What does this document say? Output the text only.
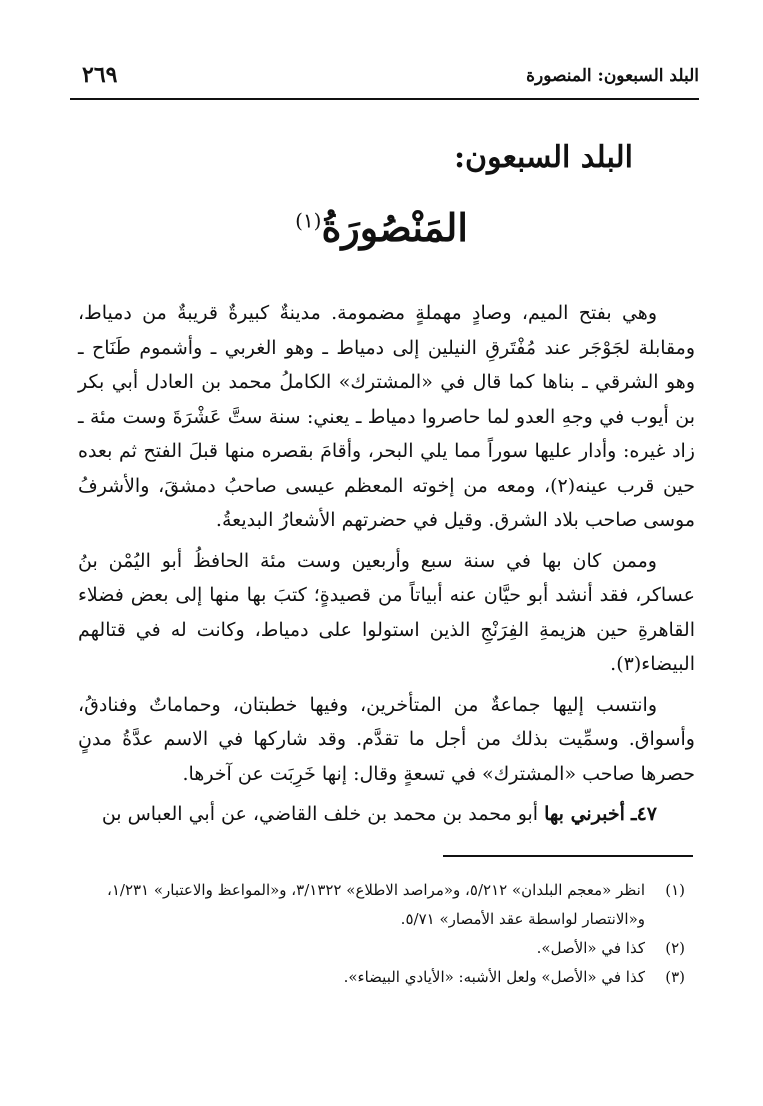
البلد السبعون: المنصورة
٢٦٩
البلد السبعون:
المَنْصُورَةُ$^{(١)}$

وهي بفتح الميم، وصادٍ مهملةٍ مضمومة. مدينةٌ كبيرةٌ قريبةٌ من دمياط، ومقابلة لجَوْجَر عند مُفْتَرقِ النيلين إلى دمياط ـ وهو الغربي ـ وأشموم طَنَاح ـ وهو الشرقي ـ بناها كما قال في «المشترك» الكاملُ محمد بن العادل أبي بكر بن أيوب في وجهِ العدو لما حاصروا دمياط ـ يعني: سنة ستَّ عَشْرَةَ وست مئة ـ زاد غيره: وأدار عليها سوراً مما يلي البحر، وأقامَ بقصره منها قبلَ الفتح ثم بعده حين قرب عينه(٢)، ومعه من إخوته المعظم عيسى صاحبُ دمشقَ، والأشرفُ موسى صاحب بلاد الشرق. وقيل في حضرتهم الأشعارُ البديعةُ.

وممن كان بها في سنة سبع وأربعين وست مئة الحافظُ أبو اليُمْن بنُ عساكر، فقد أنشد أبو حيَّان عنه أبياتاً من قصيدةٍ؛ كتبَ بها منها إلى بعض فضلاء القاهرةِ حين هزيمةِ الفِرَنْجِ الذين استولوا على دمياط، وكانت له في قتالهم البيضاء(٣).

وانتسب إليها جماعةٌ من المتأخرين، وفيها خطبتان، وحماماتٌ وفنادقُ، وأسواق. وسمِّيت بذلك من أجل ما تقدَّم. وقد شاركها في الاسم عدَّةُ مدنٍ حصرها صاحب «المشترك» في تسعةٍ وقال: إنها خَرِبَت عن آخرها.

٤٧ـ أخبرني بها أبو محمد بن محمد بن خلف القاضي، عن أبي العباس بن

(١)
انظر «معجم البلدان» ٥/٢١٢، و«مراصد الاطلاع» ٣/١٣٢٢، و«المواعظ والاعتبار» ١/٢٣١، و«الانتصار لواسطة عقد الأمصار» ٥/٧١.
(٢)
كذا في «الأصل».
(٣)
كذا في «الأصل» ولعل الأشبه: «الأيادي البيضاء».
